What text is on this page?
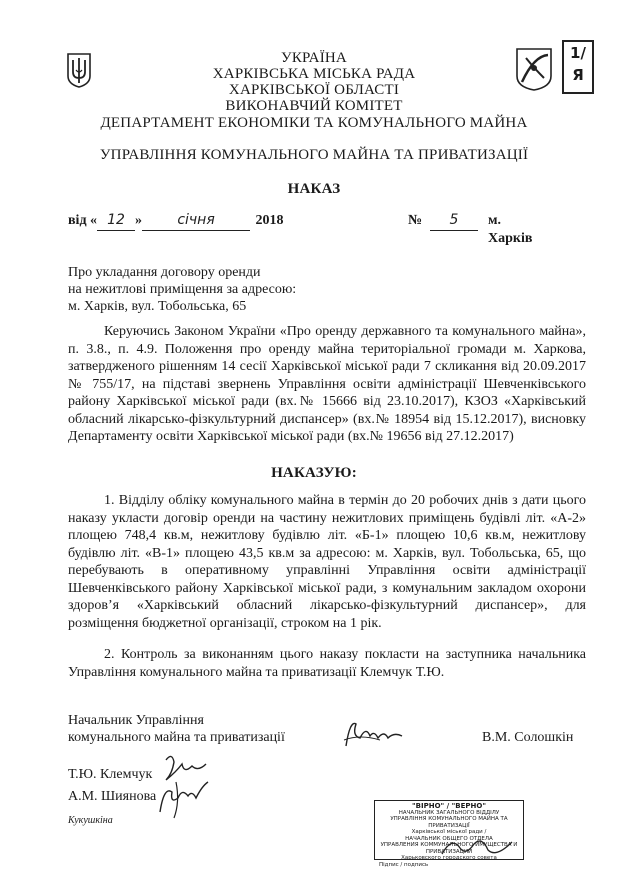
1/
Я
УКРАЇНА
ХАРКІВСЬКА МІСЬКА РАДА
ХАРКІВСЬКОЇ ОБЛАСТІ
ВИКОНАВЧИЙ КОМІТЕТ
ДЕПАРТАМЕНТ ЕКОНОМІКИ ТА КОМУНАЛЬНОГО МАЙНА
УПРАВЛІННЯ КОМУНАЛЬНОГО МАЙНА ТА ПРИВАТИЗАЦІЇ
НАКАЗ
від « 12 »	січня	2018	№	5	м. Харків
Про укладання договору оренди
на нежитлові приміщення за адресою:
м. Харків, вул. Тобольська, 65
Керуючись Законом України «Про оренду державного та комунального майна», п. 3.8., п. 4.9. Положення про оренду майна територіальної громади м. Харкова, затвердженого рішенням 14 сесії Харківської міської ради 7 скликання від 20.09.2017 № 755/17, на підставі звернень Управління освіти адміністрації Шевченківського району Харківської міської ради (вх.№ 15666 від 23.10.2017), КЗОЗ «Харківський обласний лікарсько-фізкультурний диспансер» (вх.№ 18954 від 15.12.2017), висновку Департаменту освіти Харківської міської ради (вх.№ 19656 від 27.12.2017)
НАКАЗУЮ:
1. Відділу обліку комунального майна в термін до 20 робочих днів з дати цього наказу укласти договір оренди на частину нежитлових приміщень будівлі літ. «А-2» площею 748,4 кв.м, нежитлову будівлю літ. «Б-1» площею 10,6 кв.м, нежитлову будівлю літ. «В-1» площею 43,5 кв.м за адресою: м. Харків, вул. Тобольська, 65, що перебувають в оперативному управлінні Управління освіти адміністрації Шевченківського району Харківської міської ради, з комунальним закладом охорони здоров’я «Харківський обласний лікарсько-фізкультурний диспансер», для розміщення бюджетної організації, строком на 1 рік.
2. Контроль за виконанням цього наказу покласти на заступника начальника Управління комунального майна та приватизації Клемчук Т.Ю.
Начальник Управління
комунального майна та приватизації	В.М. Солошкін
Т.Ю. Клемчук
А.М. Шиянова
Кукушкіна
"ВІРНО" / "ВЕРНО"
НАЧАЛЬНИК ЗАГАЛЬНОГО ВІДДІЛУ
УПРАВЛІННЯ КОМУНАЛЬНОГО МАЙНА ТА ПРИВАТИЗАЦІЇ
Харківської міської ради /
НАЧАЛЬНИК ОБЩЕГО ОТДЕЛА
УПРАВЛЕНИЯ КОММУНАЛЬНОГО ИМУЩЕСТВА И ПРИВАТИЗАЦИИ
Харьковского городского совета
Підпис / подпись
